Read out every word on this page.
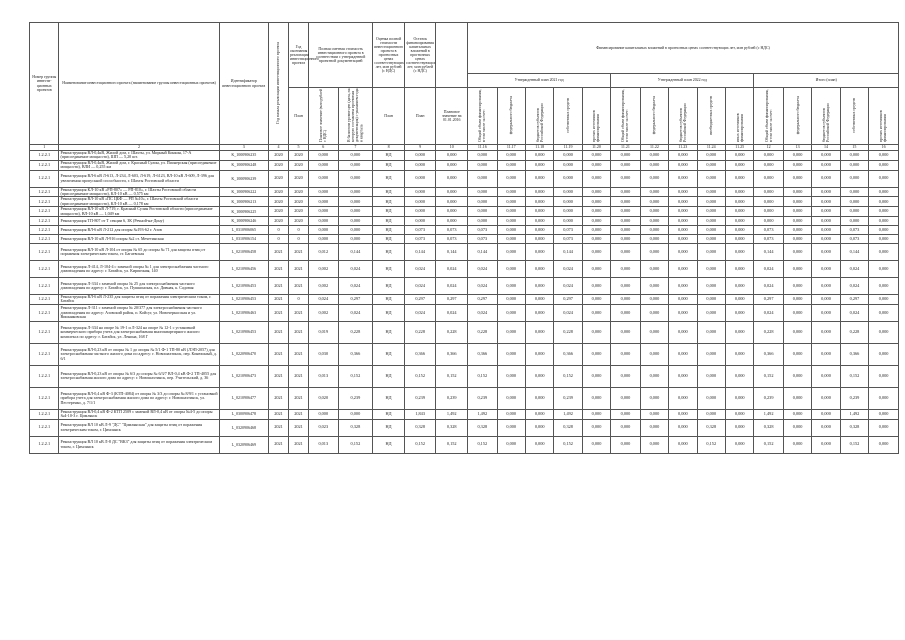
Номер группы инвести-ционных проектов	Наименование инвестиционного проекта (наименование группы инвестиционных проектов)	Идентификатор инвестиционного проекта	Год начала реализации инвестиционного проекта	Год окончания реализации инвестиционного проекта	Полная сметная стоимость инвестиционного проекта в соответствии с утвержденной проектной документацией		Оценка полной стоимости инвестиционного проекта в прогнозных ценах соответствующих лет, млн рублей (с НДС)	Остаток финансирования капитальных вложений в прогнозных ценах соответствующих лет, млн рублей (с НДС)		Финансирование капитальных вложений в прогнозных ценах соответствующих лет, млн рублей (с НДС)														
										Утвержденный план 2021 год					Утвержденный план 2022 год					Итого (план)				
				План	Плановое значение (млн рублей с НДС)	В базисном уровне цен (дата, на которую составлена проектная документация) с указанием года и квартала	План	План	Плановое значение на 01.01.2016	Общий объем финансирования, в том числе за счет:	федерального бюджета	бюджетов субъектов Российской Федерации	собственных средств	прочих источников финансирования	Общий объем финансирования, в том числе за счет:	федерального бюджета	бюджетов субъектов Российской Федерации	внебюджетных средств	иных источников финансирования	Общий объем финансирования, в том числе за счет:	федерального бюджета	бюджетов субъектов Российской Федерации	собственных средств	прочих источников финансирования
1	2	3	4	5	6	7	8	9	10	11.16	11.17	11.18	11.19	11.20	11.21	11.22	11.23	11.24	11.25	12	13	14	15	16
1.2.2.1	Реконструкция ВЛ-0,4кВ, Жилой дом, г. Шахты, ул. Мирный Конкин, 17-А (присоединение мощности), ШП — 5,20 шт.	K_1000906235	2020	2020	0,000	0,000	НД	0,000	0,000	0,000	0,000	0,000	0,000	0,000	0,000	0,000	0,000	0,000	0,000	0,000	0,000	0,000	0,000	0,000
1.2.2.1	Реконструкция ВЛ-0,4кВ, Жилой дом, г. Красный Сулин, ул. Пионерская (присоединение мощности), ВЛИ — 0,255 км	K_1000906248	2020	2020	0,000	0,000	НД	0,000	0,000	0,000	0,000	0,000	0,000	0,000	0,000	0,000	0,000	0,000	0,000	0,000	0,000	0,000	0,000	0,000
1.2.2.1	Реконструкция ВЛ-6 кВ Л-613, Л-234, Л-603, Л-619, Л-6123, ВЛ-10 кВ Л-609, Л-396 для увеличения пропускной способности, г. Шахты Ростовской области	K_1000906239	2020	2020	0,000	0,000	НД	0,000	0,000	0,000	0,000	0,000	0,000	0,000	0,000	0,000	0,000	0,000	0,000	0,000	0,000	0,000	0,000	0,000
1.2.2.1	Реконструкция КЛ-10 кВ «РП-807» — РП-810», г. Шахты Ростовской области (присоединение мощности), КЛ-10 кВ — 0,575 км	K_1000906222	2020	2020	0,000	0,000	НД	0,000	0,000	0,000	0,000	0,000	0,000	0,000	0,000	0,000	0,000	0,000	0,000	0,000	0,000	0,000	0,000	0,000
1.2.2.1	Реконструкция ВЛ-10 кВ «ПС ЦБФ — РП №10», г. Шахты Ростовской области (присоединение мощности), КЛ-10 кВ — 0,178 км	K_1000906213	2020	2020	0,000	0,000	НД	0,000	0,000	0,000	0,000	0,000	0,000	0,000	0,000	0,000	0,000	0,000	0,000	0,000	0,000	0,000	0,000	0,000
1.2.2.1	Реконструкция ВЛ-10 кВ Л-719, г. Красный Сулин Ростовской области (присоединение мощности), ВЛ-10 кВ — 1,049 км	K_1000906225	2020	2020	0,000	0,000	НД	0,000	0,000	0,000	0,000	0,000	0,000	0,000	0,000	0,000	0,000	0,000	0,000	0,000	0,000	0,000	0,000	0,000
1.2.2.1	Реконструкция ТП-807 от Т секции 6, ЗК (Речной-на-Дону)	K_1000906246	2020	2020	0,000	0,000	НД	0,000	0,000	0,000	0,000	0,000	0,000	0,000	0,000	0,000	0,000	0,000	0,000	0,000	0,000	0,000	0,000	0,000
1.2.2.1	Реконструкция ВЛ-6 кВ Л-212 для опоры №193-62 г. Азов	L_0310906065	0	0	0,000	0,000	НД	0,073	0,073	0,073	0,000	0,000	0,073	0,000	0,000	0,000	0,000	0,000	0,000	0,073	0,000	0,000	0,073	0,000
1.2.2.1	Реконструкция ВЛ-10 кВ Л-916 опоры №2 ст. Мечетинская	L_0310906154	0	0	0,000	0,000	НД	0,073	0,073	0,073	0,000	0,000	0,073	0,000	0,000	0,000	0,000	0,000	0,000	0,073	0,000	0,000	0,073	0,000
1.2.2.1	Реконструкция ВЛ-10 кВ Л-104 от опоры № 65 до опоры № 71 для защиты птиц от поражения электрическим током, ст. Багаевская	L_0210906458	2021	2021	0,012	0,144	НД	0,144	0,144	0,144	0,000	0,000	0,144	0,000	0,000	0,000	0,000	0,000	0,000	0,144	0,000	0,000	0,144	0,000
1.2.2.1	Реконструкция Л-414, Л-104-4 с заменой опоры № 1 для электроснабжения частного домовладения по адресу: г. Батайск, ул. Кирпичная, 140	L_0210906456	2021	2021	0,002	0,024	НД	0,024	0,024	0,024	0,000	0,000	0,024	0,000	0,000	0,000	0,000	0,000	0,000	0,024	0,000	0,000	0,024	0,000
1.2.2.1	Реконструкция Л-334 с заменой опоры № 25 для электроснабжения частного домовладения по адресу: г. Батайск, ул. Пушкинская, пл. Дивная, к. Садовая	L_0210906453	2021	2021	0,002	0,024	НД	0,024	0,024	0,024	0,000	0,000	0,024	0,000	0,000	0,000	0,000	0,000	0,000	0,024	0,000	0,000	0,024	0,000
1.2.2.1	Реконструкция ВЛ-6 кВ Л-235 для защиты птиц от поражения электрическим током, г. Батайск	L_0210906453	2021	0	0,024	0,297	НД	0,297	0,297	0,297	0,000	0,000	0,297	0,000	0,000	0,000	0,000	0,000	0,000	0,297	0,000	0,000	0,297	0,000
1.2.2.1	Реконструкция Л-311 с заменой опоры № 20/377 для электроснабжения частного домовладения по адресу: Азовский район, п. Койсуг, ул. Новочеркасская и ул. Вишняковская	L_0210906463	2021	2021	0,002	0,024	НД	0,024	0,024	0,024	0,000	0,000	0,024	0,000	0,000	0,000	0,000	0,000	0,000	0,024	0,000	0,000	0,024	0,000
1.2.2.1	Реконструкция Л-334 на опоре № 19-1 и Л-324 на опоре № 12-1 с установкой коммерческого прибора учета для электроснабжения многоквартирного жилого комплекса по адресу: г. Батайск, ул. Ленина, 168 Г	L_0210906453	2021	2021	0,019	0,228	НД	0,228	0,228	0,228	0,000	0,000	0,228	0,000	0,000	0,000	0,000	0,000	0,000	0,228	0,000	0,000	0,228	0,000
1.2.2.1	Реконструкция ВЛ-0,23 кВ от опоры № 1 до опоры № 5/1 Ф-1 ТП-80 кВ (ЛЭП-2057) для электроснабжения частного жилого дома по адресу: г. Новошахтинск, пер. Конюшный, д. 6/1	L_0220906470	2021	2021	0,030	0,366	НД	0,366	0,366	0,366	0,000	0,000	0,366	0,000	0,000	0,000	0,000	0,000	0,000	0,366	0,000	0,000	0,366	0,000
1.2.2.1	Реконструкция ВЛ-0,23 кВ от опоры № 6/3 до опоры № 6/3/7 ВЛ-0,4 кВ Ф-2 ТП-4055 для электроснабжения жилого дома по адресу: г. Новошахтинск, пер. Учительский, д. 36	L_0210906473	2021	2021	0,013	0,152	НД	0,152	0,152	0,152	0,000	0,000	0,152	0,000	0,000	0,000	0,000	0,000	0,000	0,152	0,000	0,000	0,152	0,000
1.2.2.1	Реконструкция ВЛ-0,4 кВ Ф-3 (КТП-4084) от опоры № 3/3 до опоры № 8/9/1 с установкой прибора учета для электроснабжения жилого дома по адресу: г. Новошахтинск, ул. Пестеренко, д. 7/1/1	L_0210906477	2021	2021	0,020	0,239	НД	0,239	0,239	0,239	0,000	0,000	0,239	0,000	0,000	0,000	0,000	0,000	0,000	0,239	0,000	0,000	0,239	0,000
1.2.2.1	Реконструкция ВЛ-0,4 кВ Ф-2 КТП 2509 с заменой ВЛ-0,4 кВ от опоры №4-5 до опоры №4-10-3 г. Цимлянск	L_0300906478	2021	2021	0,000	0,000	НД	1,843	1,492	1,492	0,000	0,000	1,492	0,000	0,000	0,000	0,000	0,000	0,000	1,492	0,000	0,000	1,492	0,000
1.2.2.1	Реконструкция ВЛ 10 кВ Л-9 "ДС" "Цимлянская" для защиты птиц от поражения электрическим током, г. Цимлянск	L_0320906468	2021	2021	0,023	0,328	НД	0,328	0,328	0,328	0,000	0,000	0,328	0,000	0,000	0,000	0,000	0,328	0,000	0,328	0,000	0,000	0,328	0,000
1.2.2.1	Реконструкция ВЛ 10 кВ Л-8 ДС "ВКЗ" для защиты птиц от поражения электрическим током, г. Цимлянск	L_0320906469	2021	2021	0,013	0,152	НД	0,152	0,152	0,152	0,000	0,000	0,152	0,000	0,000	0,000	0,000	0,152	0,000	0,152	0,000	0,000	0,152	0,000
